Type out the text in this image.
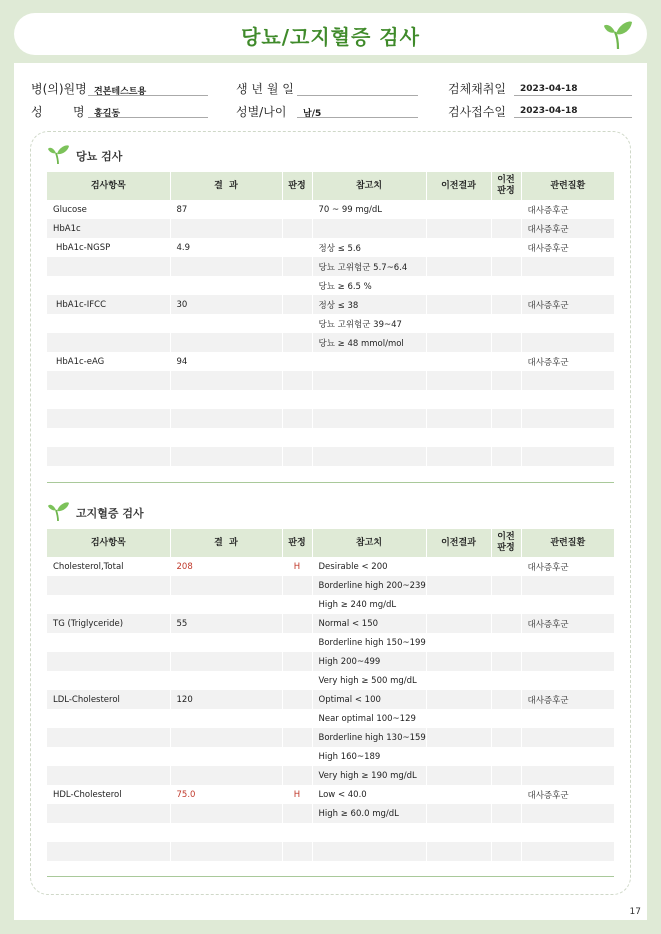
당뇨/고지혈증 검사
병(의)원명 견본테스트용
성	명 홍길동
생 년 월 일
성별/나이 남/5
검체채취일 2023-04-18
검사접수일 2023-04-18
당뇨 검사
검사항목	결  과	판정	참고치	이전결과	이전
판정	관련질환
Glucose	87		70 ~ 99 mg/dL			대사증후군
HbA1c						대사증후군
HbA1c-NGSP	4.9		정상 ≤ 5.6			대사증후군
			당뇨 고위험군 5.7~6.4			
			당뇨 ≥ 6.5 %			
HbA1c-IFCC	30		정상 ≤ 38			대사증후군
			당뇨 고위험군 39~47			
			당뇨 ≥ 48 mmol/mol			
HbA1c-eAG	94					대사증후군

고지혈증 검사
검사항목	결  과	판정	참고치	이전결과	이전
판정	관련질환
Cholesterol,Total	208	H	Desirable < 200			대사증후군
			Borderline high 200~239			
			High ≥ 240 mg/dL			
TG (Triglyceride)	55		Normal < 150			대사증후군
			Borderline high 150~199			
			High 200~499			
			Very high ≥ 500 mg/dL			
LDL-Cholesterol	120		Optimal < 100			대사증후군
			Near optimal 100~129			
			Borderline high 130~159			
			High 160~189			
			Very high ≥ 190 mg/dL			
HDL-Cholesterol	75.0	H	Low < 40.0			대사증후군
			High ≥ 60.0 mg/dL			

17
